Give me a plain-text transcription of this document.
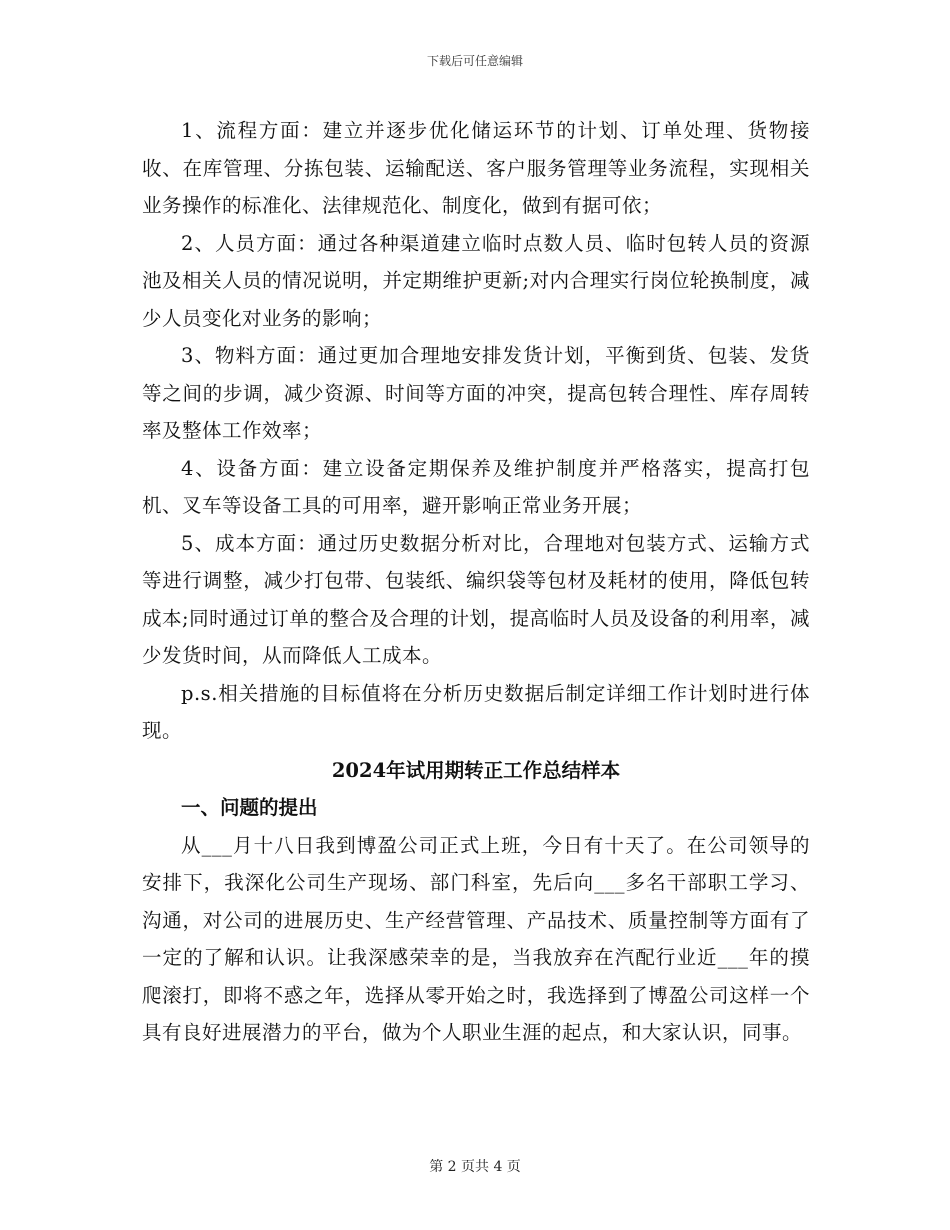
下载后可任意编辑

1、流程方面：建立并逐步优化储运环节的计划、订单处理、货物接收、在库管理、分拣包装、运输配送、客户服务管理等业务流程，实现相关业务操作的标准化、法律规范化、制度化，做到有据可依；

2、人员方面：通过各种渠道建立临时点数人员、临时包转人员的资源池及相关人员的情况说明，并定期维护更新;对内合理实行岗位轮换制度，减少人员变化对业务的影响；

3、物料方面：通过更加合理地安排发货计划，平衡到货、包装、发货等之间的步调，减少资源、时间等方面的冲突，提高包转合理性、库存周转率及整体工作效率；

4、设备方面：建立设备定期保养及维护制度并严格落实，提高打包机、叉车等设备工具的可用率，避开影响正常业务开展；

5、成本方面：通过历史数据分析对比，合理地对包装方式、运输方式等进行调整，减少打包带、包装纸、编织袋等包材及耗材的使用，降低包转成本;同时通过订单的整合及合理的计划，提高临时人员及设备的利用率，减少发货时间，从而降低人工成本。

p.s.相关措施的目标值将在分析历史数据后制定详细工作计划时进行体现。

2024年试用期转正工作总结样本

一、问题的提出

从___月十八日我到博盈公司正式上班，今日有十天了。在公司领导的安排下，我深化公司生产现场、部门科室，先后向___多名干部职工学习、沟通，对公司的进展历史、生产经营管理、产品技术、质量控制等方面有了一定的了解和认识。让我深感荣幸的是，当我放弃在汽配行业近___年的摸爬滚打，即将不惑之年，选择从零开始之时，我选择到了博盈公司这样一个具有良好进展潜力的平台，做为个人职业生涯的起点，和大家认识，同事。

第 2 页共 4 页
